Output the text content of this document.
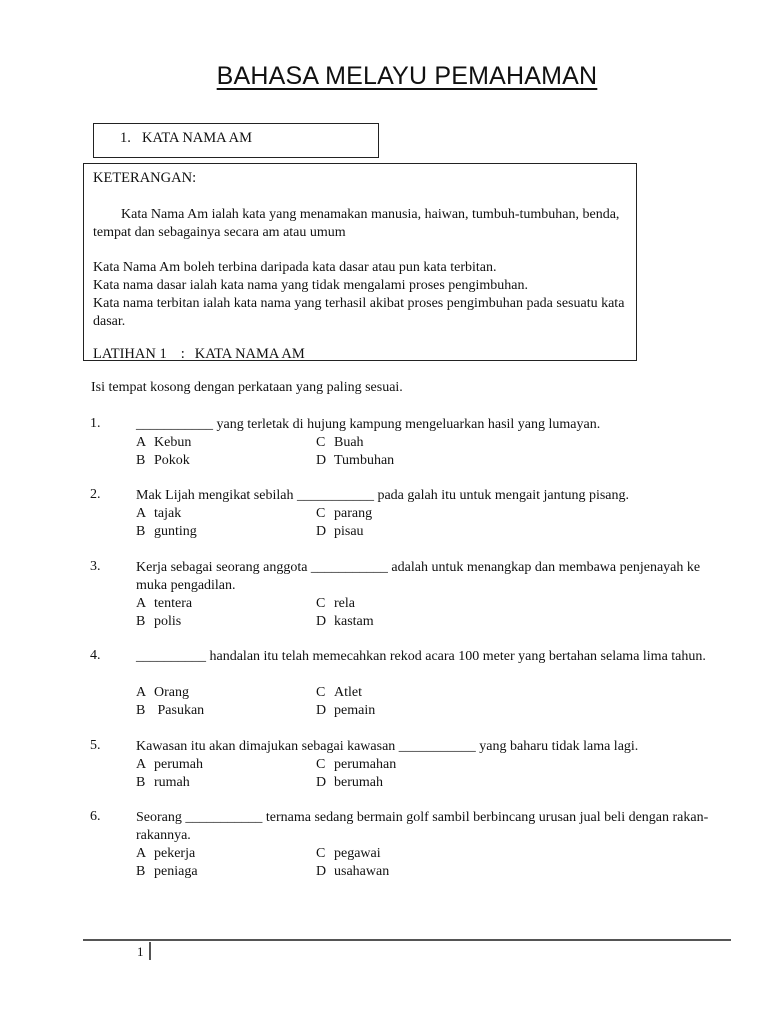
BAHASA MELAYU PEMAHAMAN
1. KATA NAMA AM
KETERANGAN:

Kata Nama Am ialah kata yang menamakan manusia, haiwan, tumbuh-tumbuhan, benda, tempat dan sebagainya secara am atau umum

Kata Nama Am boleh terbina daripada kata dasar atau pun kata terbitan.
Kata nama dasar ialah kata nama yang tidak mengalami proses pengimbuhan.
Kata nama terbitan ialah kata nama yang terhasil akibat proses pengimbuhan pada sesuatu kata dasar.
LATIHAN 1 : KATA NAMA AM
Isi tempat kosong dengan perkataan yang paling sesuai.
1.	___________ yang terletak di hujung kampung mengeluarkan hasil yang lumayan.
A Kebun	C Buah
B Pokok	D Tumbuhan
2.	Mak Lijah mengikat sebilah ___________ pada galah itu untuk mengait jantung pisang.
A tajak	C parang
B gunting	D pisau
3.	Kerja sebagai seorang anggota ___________ adalah untuk menangkap dan membawa penjenayah ke muka pengadilan.
A tentera	C rela
B polis	D kastam
4.	__________ handalan itu telah memecahkan rekod acara 100 meter yang bertahan selama lima tahun.
A Orang	C Atlet
B Pasukan	D pemain
5.	Kawasan itu akan dimajukan sebagai kawasan ___________ yang baharu tidak lama lagi.
A perumah	C perumahan
B rumah	D berumah
6.	Seorang ___________ ternama sedang bermain golf sambil berbincang urusan jual beli dengan rakan-rakannya.
A pekerja	C pegawai
B peniaga	D usahawan
1
